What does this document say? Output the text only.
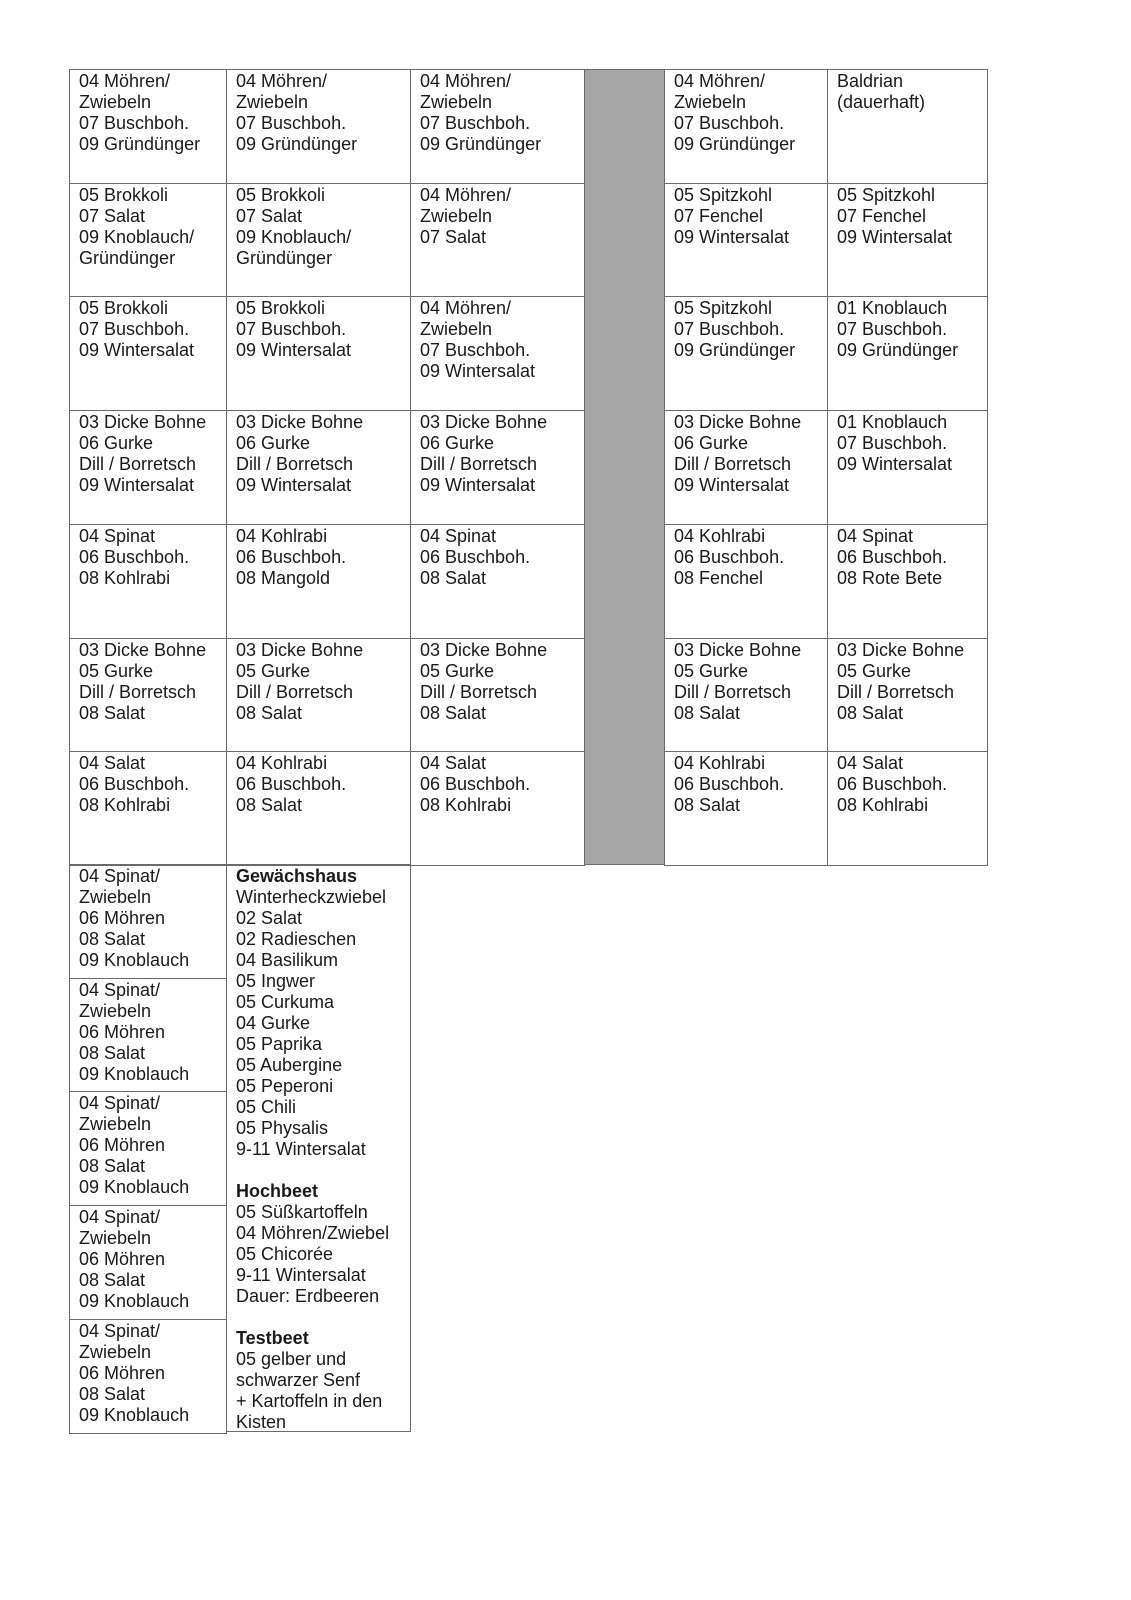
04 Möhren/
Zwiebeln
07 Buschboh.
09 Gründünger
04 Möhren/
Zwiebeln
07 Buschboh.
09 Gründünger
04 Möhren/
Zwiebeln
07 Buschboh.
09 Gründünger
04 Möhren/
Zwiebeln
07 Buschboh.
09 Gründünger
Baldrian
(dauerhaft)
05 Brokkoli
07 Salat
09 Knoblauch/
Gründünger
05 Brokkoli
07 Salat
09 Knoblauch/
Gründünger
04 Möhren/
Zwiebeln
07 Salat
05 Spitzkohl
07 Fenchel
09 Wintersalat
05 Spitzkohl
07 Fenchel
09 Wintersalat
05 Brokkoli
07 Buschboh.
09 Wintersalat
05 Brokkoli
07 Buschboh.
09 Wintersalat
04 Möhren/
Zwiebeln
07 Buschboh.
09 Wintersalat
05 Spitzkohl
07 Buschboh.
09 Gründünger
01 Knoblauch
07 Buschboh.
09 Gründünger
03 Dicke Bohne
06 Gurke
Dill / Borretsch
09 Wintersalat
03 Dicke Bohne
06 Gurke
Dill / Borretsch
09 Wintersalat
03 Dicke Bohne
06 Gurke
Dill / Borretsch
09 Wintersalat
03 Dicke Bohne
06 Gurke
Dill / Borretsch
09 Wintersalat
01 Knoblauch
07 Buschboh.
09 Wintersalat
04 Spinat
06 Buschboh.
08 Kohlrabi
04 Kohlrabi
06 Buschboh.
08 Mangold
04 Spinat
06 Buschboh.
08 Salat
04 Kohlrabi
06 Buschboh.
08 Fenchel
04 Spinat
06 Buschboh.
08 Rote Bete
03 Dicke Bohne
05 Gurke
Dill / Borretsch
08 Salat
03 Dicke Bohne
05 Gurke
Dill / Borretsch
08 Salat
03 Dicke Bohne
05 Gurke
Dill / Borretsch
08 Salat
03 Dicke Bohne
05 Gurke
Dill / Borretsch
08 Salat
03 Dicke Bohne
05 Gurke
Dill / Borretsch
08 Salat
04 Salat
06 Buschboh.
08 Kohlrabi
04 Kohlrabi
06 Buschboh.
08 Salat
04 Salat
06 Buschboh.
08 Kohlrabi
04 Kohlrabi
06 Buschboh.
08 Salat
04 Salat
06 Buschboh.
08 Kohlrabi
04 Spinat/
Zwiebeln
06 Möhren
08 Salat
09 Knoblauch
04 Spinat/
Zwiebeln
06 Möhren
08 Salat
09 Knoblauch
04 Spinat/
Zwiebeln
06 Möhren
08 Salat
09 Knoblauch
04 Spinat/
Zwiebeln
06 Möhren
08 Salat
09 Knoblauch
04 Spinat/
Zwiebeln
06 Möhren
08 Salat
09 Knoblauch
Gewächshaus
Winterheckzwiebel
02 Salat
02 Radieschen
04 Basilikum
05 Ingwer
05 Curkuma
04 Gurke
05 Paprika
05 Aubergine
05 Peperoni
05 Chili
05 Physalis
9-11 Wintersalat
Hochbeet
05 Süßkartoffeln
04 Möhren/Zwiebel
05 Chicorée
9-11 Wintersalat
Dauer: Erdbeeren
Testbeet
05 gelber und
schwarzer Senf
+ Kartoffeln in den
Kisten
